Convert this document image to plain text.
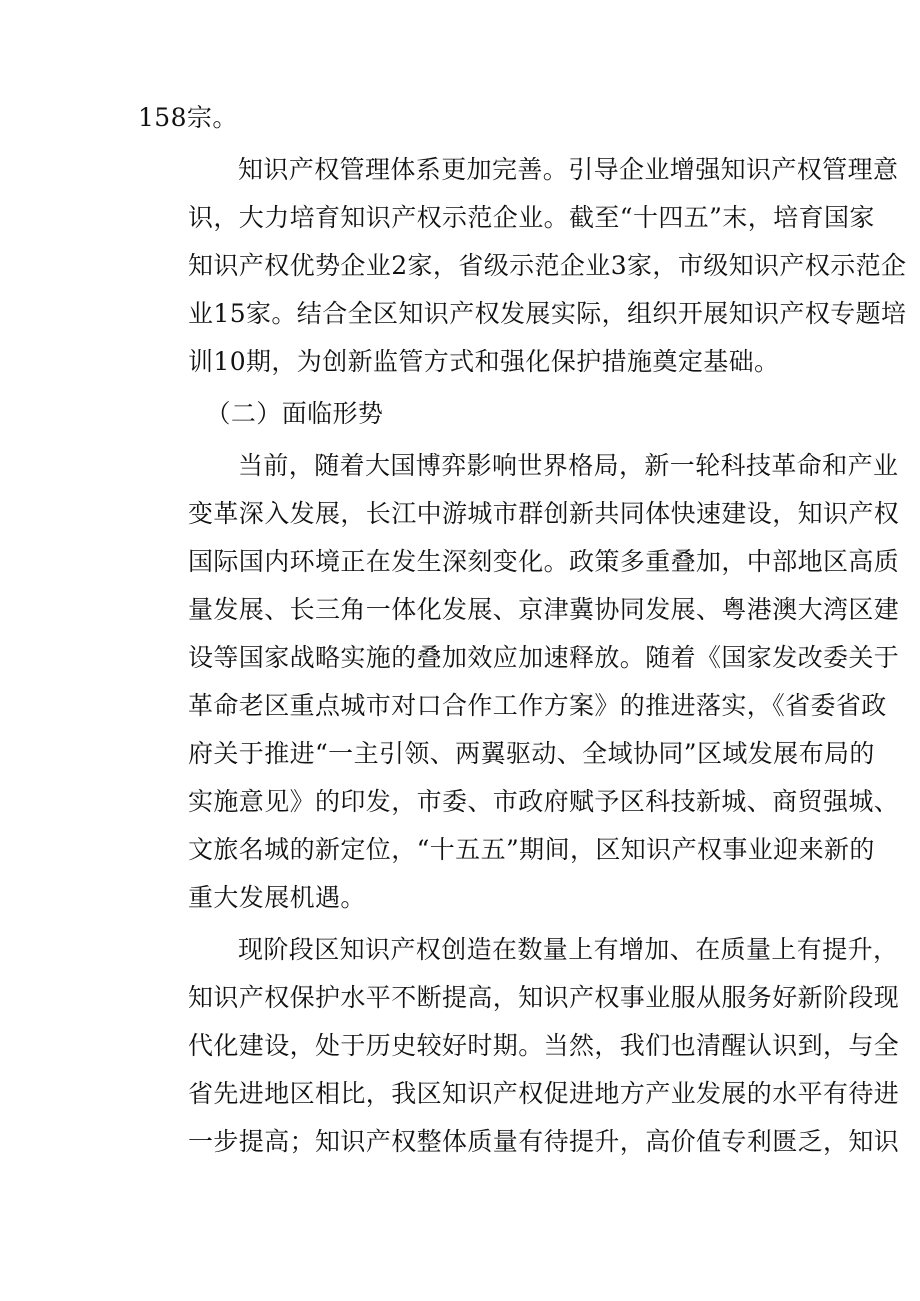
158宗。

知识产权管理体系更加完善。引导企业增强知识产权管理意
识，大力培育知识产权示范企业。截至“十四五”末，培育国家
知识产权优势企业2家，省级示范企业3家，市级知识产权示范企
业15家。结合全区知识产权发展实际，组织开展知识产权专题培
训10期，为创新监管方式和强化保护措施奠定基础。

（二）面临形势

当前，随着大国博弈影响世界格局，新一轮科技革命和产业
变革深入发展，长江中游城市群创新共同体快速建设，知识产权
国际国内环境正在发生深刻变化。政策多重叠加，中部地区高质
量发展、长三角一体化发展、京津冀协同发展、粤港澳大湾区建
设等国家战略实施的叠加效应加速释放。随着《国家发改委关于
革命老区重点城市对口合作工作方案》的推进落实，《省委省政
府关于推进“一主引领、两翼驱动、全域协同”区域发展布局的
实施意见》的印发，市委、市政府赋予区科技新城、商贸强城、
文旅名城的新定位，“十五五”期间，区知识产权事业迎来新的
重大发展机遇。

现阶段区知识产权创造在数量上有增加、在质量上有提升，
知识产权保护水平不断提高，知识产权事业服从服务好新阶段现
代化建设，处于历史较好时期。当然，我们也清醒认识到，与全
省先进地区相比，我区知识产权促进地方产业发展的水平有待进
一步提高；知识产权整体质量有待提升，高价值专利匮乏，知识
